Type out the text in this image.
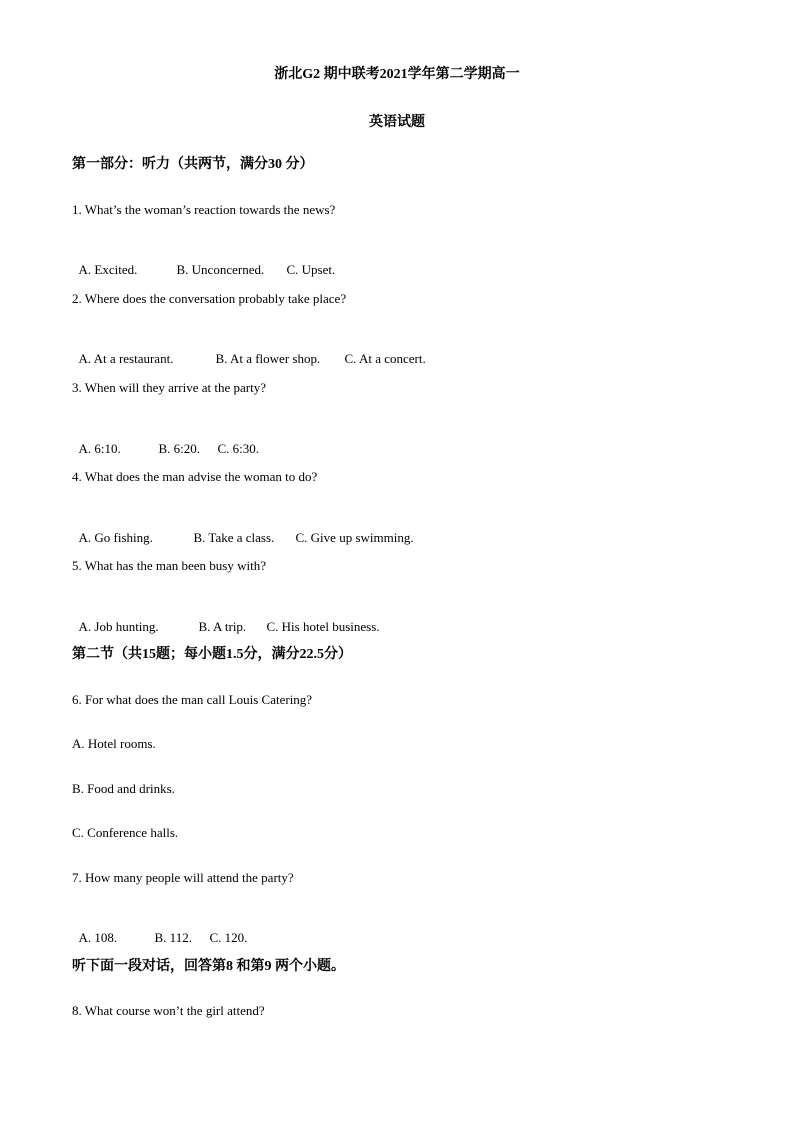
浙北G2 期中联考2021学年第二学期高一
英语试题
第一部分：听力（共两节，满分30 分）
1. What’s the woman’s reaction towards the news?

A. Excited.	B. Unconcerned. C. Upset.

2. Where does the conversation probably take place?

A. At a restaurant.	B. At a flower shop. C. At a concert.

3. When will they arrive at the party?

A. 6:10.	B. 6:20. C. 6:30.

4. What does the man advise the woman to do?

A. Go fishing.	B. Take a class. C. Give up swimming.

5. What has the man been busy with?

A. Job hunting.	B. A trip. C. His hotel business.

第二节（共15题；每小题1.5分，满分22.5分）
6. For what does the man call Louis Catering?
A. Hotel rooms.
B. Food and drinks.
C. Conference halls.
7. How many people will attend the party?

A. 108.	B. 112. C. 120.

听下面一段对话，回答第8 和第9 两个小题。
8. What course won’t the girl attend?
